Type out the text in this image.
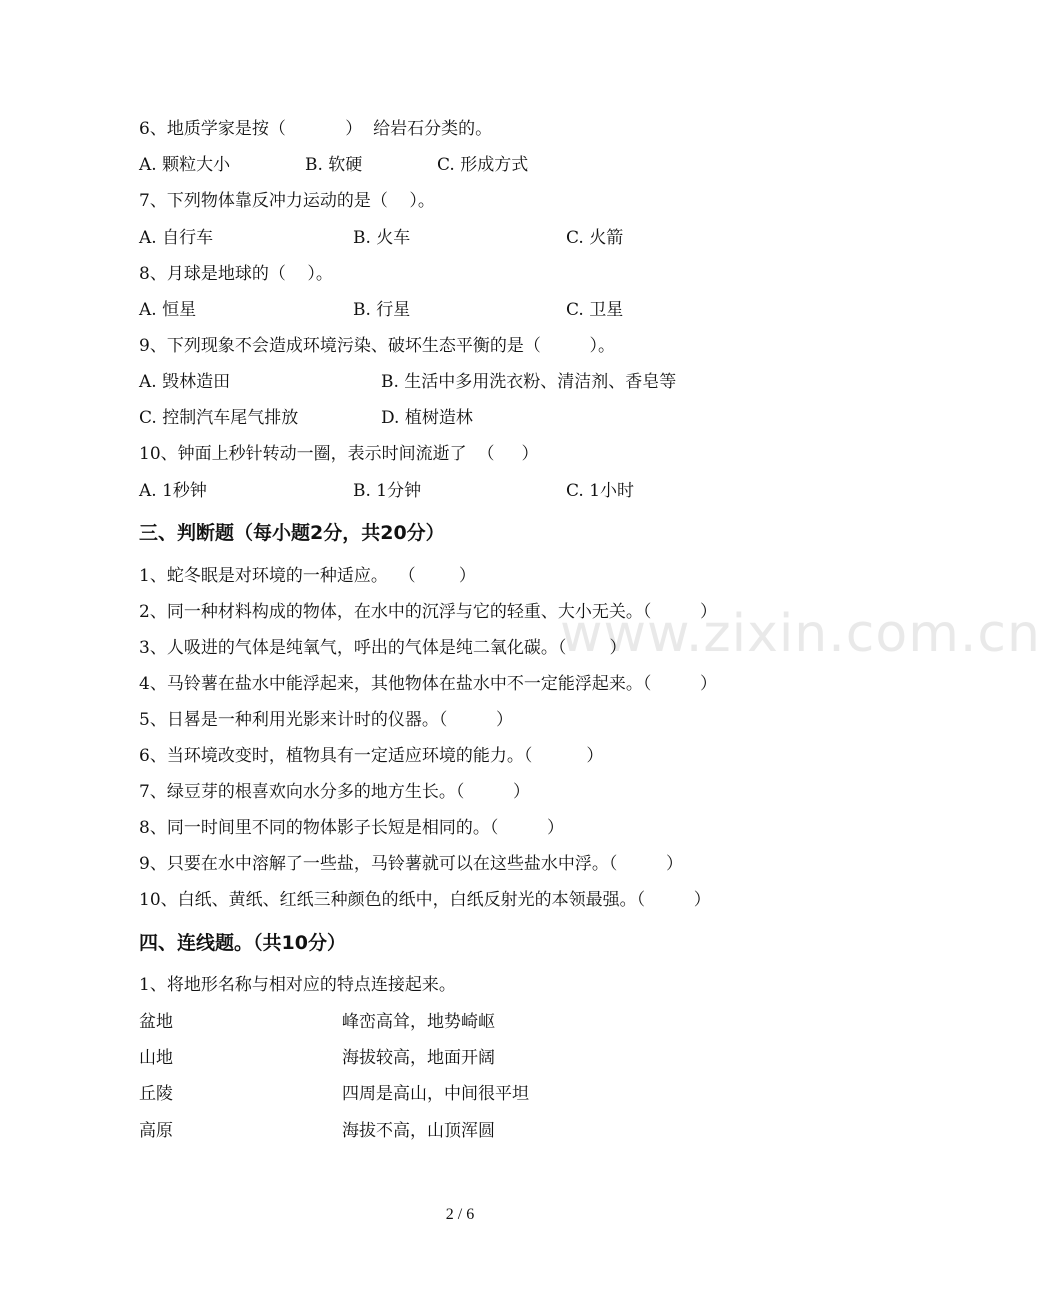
www.zixin.com.cn
6、地质学家是按（           ）  给岩石分类的。
A. 颗粒大小	B. 软硬	C. 形成方式
7、下列物体靠反冲力运动的是（    ）。
A. 自行车	B. 火车	C. 火箭
8、月球是地球的（    ）。
A. 恒星	B. 行星	C. 卫星
9、下列现象不会造成环境污染、破坏生态平衡的是（         ）。
A. 毁林造田	B. 生活中多用洗衣粉、清洁剂、香皂等
C. 控制汽车尾气排放	D. 植树造林
10、钟面上秒针转动一圈，表示时间流逝了  （     ）
A. 1秒钟	B. 1分钟	C. 1小时
三、判断题（每小题2分，共20分）
1、蛇冬眠是对环境的一种适应。  （        ）
2、同一种材料构成的物体，在水中的沉浮与它的轻重、大小无关。（         ）
3、人吸进的气体是纯氧气，呼出的气体是纯二氧化碳。（        ）
4、马铃薯在盐水中能浮起来，其他物体在盐水中不一定能浮起来。（         ）
5、日晷是一种利用光影来计时的仪器。（         ）
6、当环境改变时，植物具有一定适应环境的能力。（          ）
7、绿豆芽的根喜欢向水分多的地方生长。（         ）
8、同一时间里不同的物体影子长短是相同的。（         ）
9、只要在水中溶解了一些盐，马铃薯就可以在这些盐水中浮。（         ）
10、白纸、黄纸、红纸三种颜色的纸中，白纸反射光的本领最强。（         ）
四、连线题。（共10分）
1、将地形名称与相对应的特点连接起来。
盆地	峰峦高耸，地势崎岖
山地	海拔较高，地面开阔
丘陵	四周是高山，中间很平坦
高原	海拔不高，山顶浑圆
2 / 6
